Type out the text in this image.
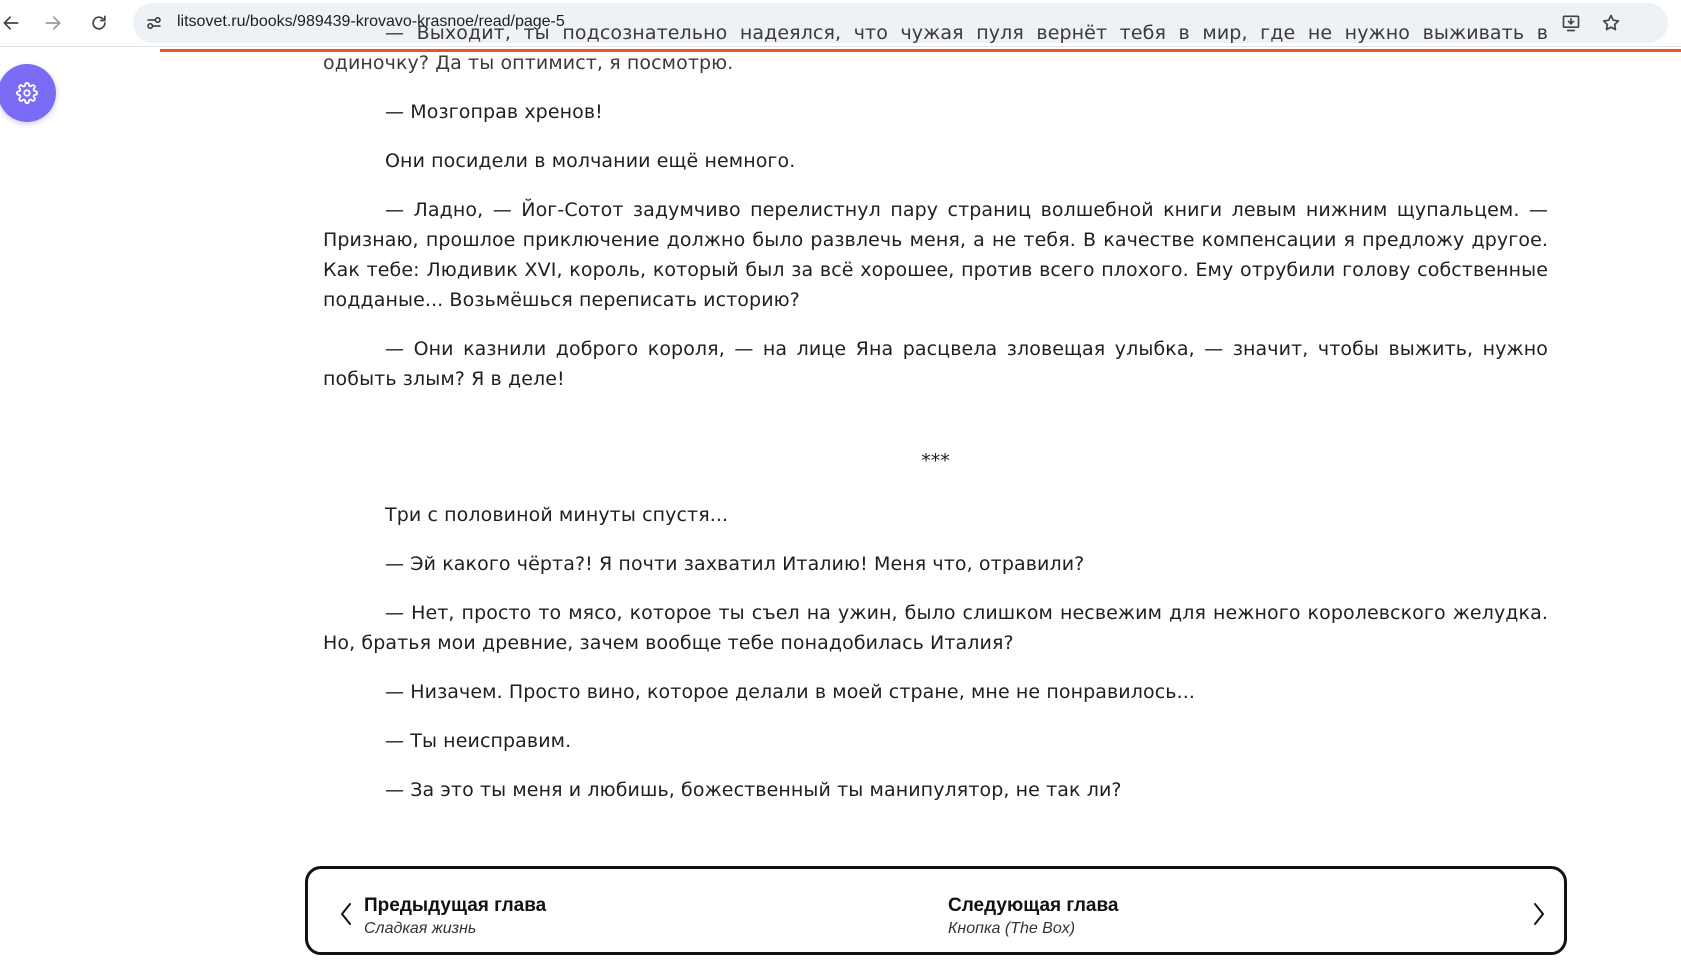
litsovet.ru/books/989439-krovavo-krasnoe/read/page-5

— Выходит, ты подсознательно надеялся, что чужая пуля вернёт тебя в мир, где не нужно выживать в одиночку? Да ты оптимист, я посмотрю.

— Мозгоправ хренов!

Они посидели в молчании ещё немного.

— Ладно, — Йог-Сотот задумчиво перелистнул пару страниц волшебной книги левым нижним щупальцем. — Признаю, прошлое приключение должно было развлечь меня, а не тебя. В качестве компенсации я предложу другое. Как тебе: Людивик XVI, король, который был за всё хорошее, против всего плохого. Ему отрубили голову собственные подданые... Возьмёшься переписать историю?

— Они казнили доброго короля, — на лице Яна расцвела зловещая улыбка, — значит, чтобы выжить, нужно побыть злым? Я в деле!

***

Три с половиной минуты спустя...

— Эй какого чёрта?! Я почти захватил Италию! Меня что, отравили?

— Нет, просто то мясо, которое ты съел на ужин, было слишком несвежим для нежного королевского желудка. Но, братья мои древние, зачем вообще тебе понадобилась Италия?

— Низачем. Просто вино, которое делали в моей стране, мне не понравилось...

— Ты неисправим.

— За это ты меня и любишь, божественный ты манипулятор, не так ли?

Предыдущая глава
Сладкая жизнь
Следующая глава
Кнопка (The Box)
